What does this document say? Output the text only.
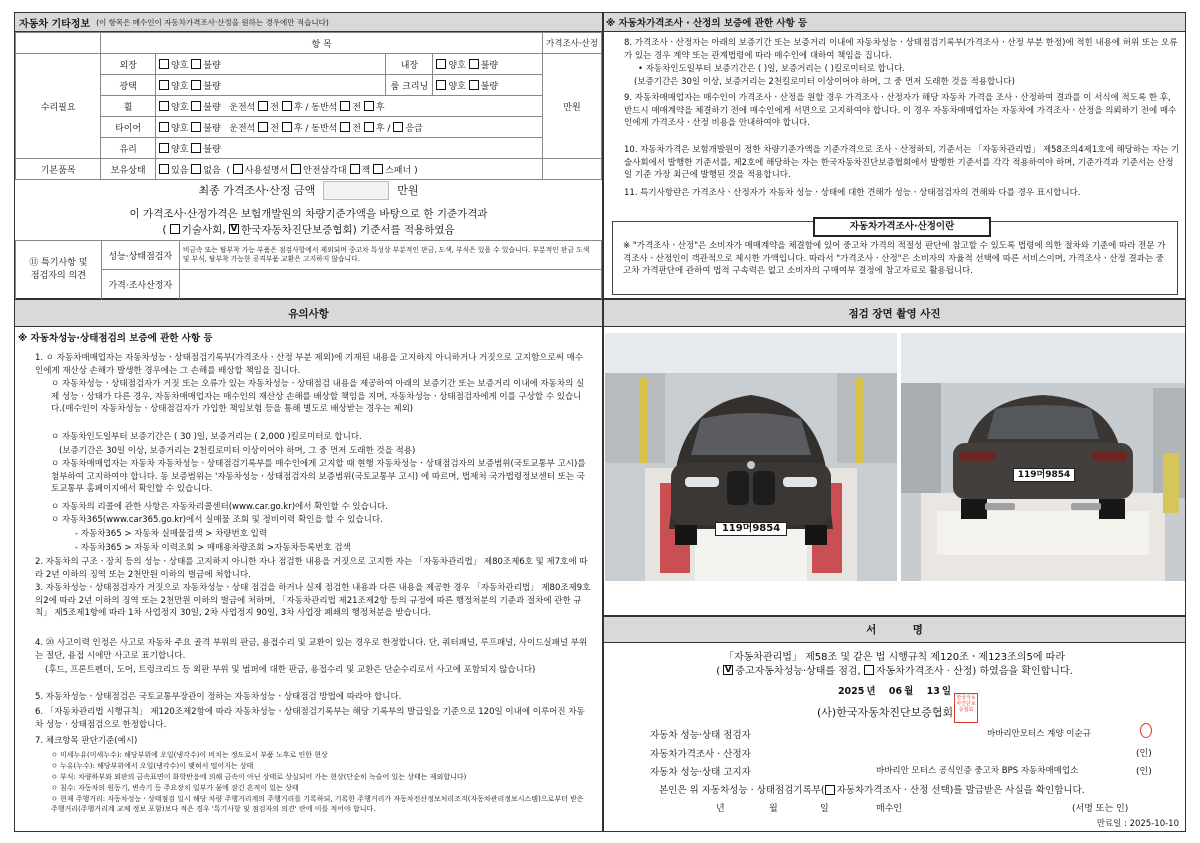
자동차 기타정보 (이 항목은 매수인이 자동차가격조사·산정을 원하는 경우에만 적습니다)
	항 목				가격조사·산정
수리필요	외장	양호 불량	내장	양호 불량	만원
	광택	양호 불량	룸 크리닝	양호 불량	
	휠	양호 불량 운전석 전 후 / 동반석 전 후			
	타이어	양호 불량 운전석 전 후 / 동반석 전 후 / 응급			
	유리	양호 불량			
기본품목	보유상태	있음 없음 ( 사용설명서 안전삼각대 잭 스패너 )			
최종 가격조사·산정 금액	만원
이 가격조사·산정가격은 보험개발원의 차량기준가액을 바탕으로 한 기준가격과
( 기술사회, V 한국자동차진단보증협회) 기준서를 적용하였음
⑪ 특기사항 및
점검자의 의견	성능·상태점검자	비금속 또는 탈부착 가능 부품은 점검사항에서 제외되며 중고차 특성상 부분적인 판금, 도색, 부식은 있을 수 있습니다. 부분적인 판금 도색 및 부식, 탈부착 가능한 공격부품 교환은 고지하지 않습니다.
	가격·조사산정자	
※ 자동차가격조사 · 산정의 보증에 관한 사항 등
8. 가격조사ㆍ산정자는 아래의 보증기간 또는 보증거리 이내에 자동차성능ㆍ상태점검기록부(가격조사ㆍ산정 부분 한정)에 적힌 내용에 허위 또는 오류가 있는 경우 계약 또는 관계법령에 따라 매수인에 대하여 책임을 집니다.
• 자동차인도일부터 보증기간은 ( )일, 보증거리는 ( )킬로미터로 합니다.
(보증기간은 30일 이상, 보증거리는 2천킬로미터 이상이어야 하며, 그 중 먼저 도래한 것을 적용합니다)
9. 자동차매매업자는 매수인이 가격조사ㆍ산정을 원할 경우 가격조사ㆍ산정자가 해당 자동차 가격을 조사ㆍ산정하여 결과를 이 서식에 적도록 한 후, 반드시 매매계약을 체결하기 전에 매수인에게 서면으로 고지하여야 합니다. 이 경우 자동차매매업자는 자동차에 가격조사ㆍ산정을 의뢰하기 전에 매수인에게 가격조사ㆍ산정 비용을 안내하여야 합니다.
10. 자동차가격은 보험개발원이 정한 차량기준가액을 기준가격으로 조사ㆍ산정하되, 기준서는 「자동차관리법」 제58조의4제1호에 해당하는 자는 기술사회에서 발행한 기준서를, 제2호에 해당하는 자는 한국자동차진단보증협회에서 발행한 기준서를 각각 적용하여야 하며, 기준가격과 기준서는 산정일 기준 가장 최근에 발행된 것을 적용합니다.
11. 특기사항란은 가격조사ㆍ산정자가 자동차 성능ㆍ상태에 대한 견해가 성능ㆍ상태점검자의 견해와 다를 경우 표시합니다.
자동차가격조사·산정이란
※ "가격조사ㆍ산정"은 소비자가 매매계약을 체결함에 있어 중고차 가격의 적절성 판단에 참고할 수 있도록 법령에 의한 절차와 기준에 따라 전문 가격조사ㆍ산정인이 객관적으로 제시한 가액입니다. 따라서 "가격조사ㆍ산정"은 소비자의 자율적 선택에 따른 서비스이며, 가격조사ㆍ산정 결과는 중고차 가격판단에 관하여 법적 구속력은 없고 소비자의 구매여부 결정에 참고자료로 활용됩니다.
유의사항
※ 자동차성능·상태점검의 보증에 관한 사항 등
1. ㅇ 자동차매매업자는 자동차성능ㆍ상태점검기록부(가격조사ㆍ산정 부분 제외)에 기재된 내용을 고지하지 아니하거나 거짓으로 고지함으로써 매수인에게 재산상 손해가 발생한 경우에는 그 손해를 배상할 책임을 집니다.
ㅇ 자동차성능ㆍ상태점검자가 거짓 또는 오류가 있는 자동차성능ㆍ상태점검 내용을 제공하여 아래의 보증기간 또는 보증거리 이내에 자동차의 실제 성능ㆍ상태가 다른 경우, 자동차매매업자는 매수인의 재산상 손해를 배상할 책임을 지며, 자동차성능ㆍ상태점검자에게 이를 구상할 수 있습니다.(매수인이 자동차성능ㆍ상태점검자가 가입한 책임보험 등을 통해 별도로 배상받는 경우는 제외)
ㅇ 자동차인도일부터 보증기간은 ( 30 )일, 보증거리는 ( 2,000 )킬로미터로 합니다.
(보증기간은 30일 이상, 보증거리는 2천킬로미터 이상이어야 하며, 그 중 먼저 도래한 것을 적용)
ㅇ 자동차매매업자는 자동차 자동차성능ㆍ상태점검기록부를 매수인에게 고지할 때 현행 자동차성능ㆍ상태점검자의 보증범위(국토교통부 고시)를 첨부하여 고지하여야 합니다. 동 보증범위는 '자동차성능ㆍ상태점검자의 보증범위(국토교통부 고시) 에 따르며, 법제처 국가법령정보센터 또는 국토교통부 홈페이지에서 확인할 수 있습니다.
ㅇ 자동차의 리콜에 관한 사항은 자동차리콜센터(www.car.go.kr)에서 확인할 수 있습니다.
ㅇ 자동차365(www.car365.go.kr)에서 실매물 조회 및 정비이력 확인을 할 수 있습니다.
- 자동차365 > 자동차 실매물검색 > 차량번호 입력
- 자동차365 > 자동차 이력조회 > 매매용차량조회 >자동차등록번호 검색
2. 자동차의 구조ㆍ장치 등의 성능ㆍ상태를 고지하지 아니한 자나 점검한 내용을 거짓으로 고지한 자는 「자동차관리법」 제80조제6호 및 제7호에 따라 2년 이하의 징역 또는 2천만원 이하의 벌금에 처합니다.
3. 자동차성능ㆍ상태점검자가 거짓으로 자동차성능ㆍ상태 점검을 하거나 실제 점검한 내용과 다른 내용을 제공한 경우 「자동차관리법」 제80조제9호의2에 따라 2년 이하의 징역 또는 2천만원 이하의 벌금에 처하며, 「자동차관리법 제21조제2항 등의 규정에 따른 행정처분의 기준과 절차에 관한 규칙」 제5조제1항에 따라 1차 사업정지 30일, 2차 사업정지 90일, 3차 사업장 폐쇄의 행정처분을 받습니다.
4. ⑳ 사고이력 인정은 사고로 자동차 주요 골격 부위의 판금, 용접수리 및 교환이 있는 경우로 한정합니다. 단, 쿼터패널, 루프패널, 사이드실패널 부위는 절단, 용접 시에만 사고로 표기합니다.
(후드, 프론트펜더, 도어, 트렁크리드 등 외판 부위 및 범퍼에 대한 판금, 용접수리 및 교환은 단순수리로서 사고에 포함되지 않습니다)
5. 자동차성능ㆍ상태점검은 국토교통부장관이 정하는 자동차성능ㆍ상태점검 방법에 따라야 합니다.
6. 「자동차관리법 시행규칙」 제120조제2항에 따라 자동차성능ㆍ상태점검기록부는 해당 기록부의 발급일을 기준으로 120일 이내에 이루어진 자동차 성능ㆍ상태점검으로 한정합니다.
7. 체크항목 판단기준(예시)
ㅇ 미세누유(미세누수): 해당부위에 오일(냉각수)이 비치는 정도로서 부품 노후로 인한 현상
ㅇ 누유(누수): 해당부위에서 오일(냉각수)이 맺혀서 떨어지는 상태
ㅇ 부식: 차량하부와 외판의 금속표면이 화학반응에 의해 금속이 아닌 상태로 상실되어 가는 현상(단순히 녹슬어 있는 상태는 제외합니다)
ㅇ 침수: 자동차의 원동기, 변속기 등 주요장치 일부가 물에 잠긴 흔적이 있는 상태
ㅇ 현재 주행거리: 자동차성능ㆍ상태점검 일시 해당 차량 주행거리계의 주행거리를 기록하되, 기록한 주행거리가 자동차전산정보처리조직(자동차관리정보시스템)으로부터 받은 주행거리(주행거리계 교체 정보 포함)보다 적은 경우 '특기사항 및 점검자의 의견' 란에 이를 적어야 합니다.
점검 장면 촬영 사진
119머9854
119머9854
서          명
「자동차관리법」 제58조 및 같은 법 시행규칙 제120조ㆍ제123조의5에 따라
( V 중고자동차성능·상태를 점검, 자동차가격조사 · 산정) 하였음을 확인합니다.
2025 년 06 월 13 일
(사)한국자동차진단보증협회
한국자동차진단보증협회
자동차 성능·상태 점검자	바바리안모터스 계양 이순규
자동차가격조사 · 산정자	(인)
자동차 성능·상태 고지자	바바리안 모터스 공식인증 중고차 BPS 자동차매매업소	(인)
본인은 위 자동차성능 · 상태점검기록부( 자동차가격조사 · 산정 선택)를 발급받은 사실을 확인합니다.
년	월	일	매수인	(서명 또는 인)
만료일 : 2025-10-10
